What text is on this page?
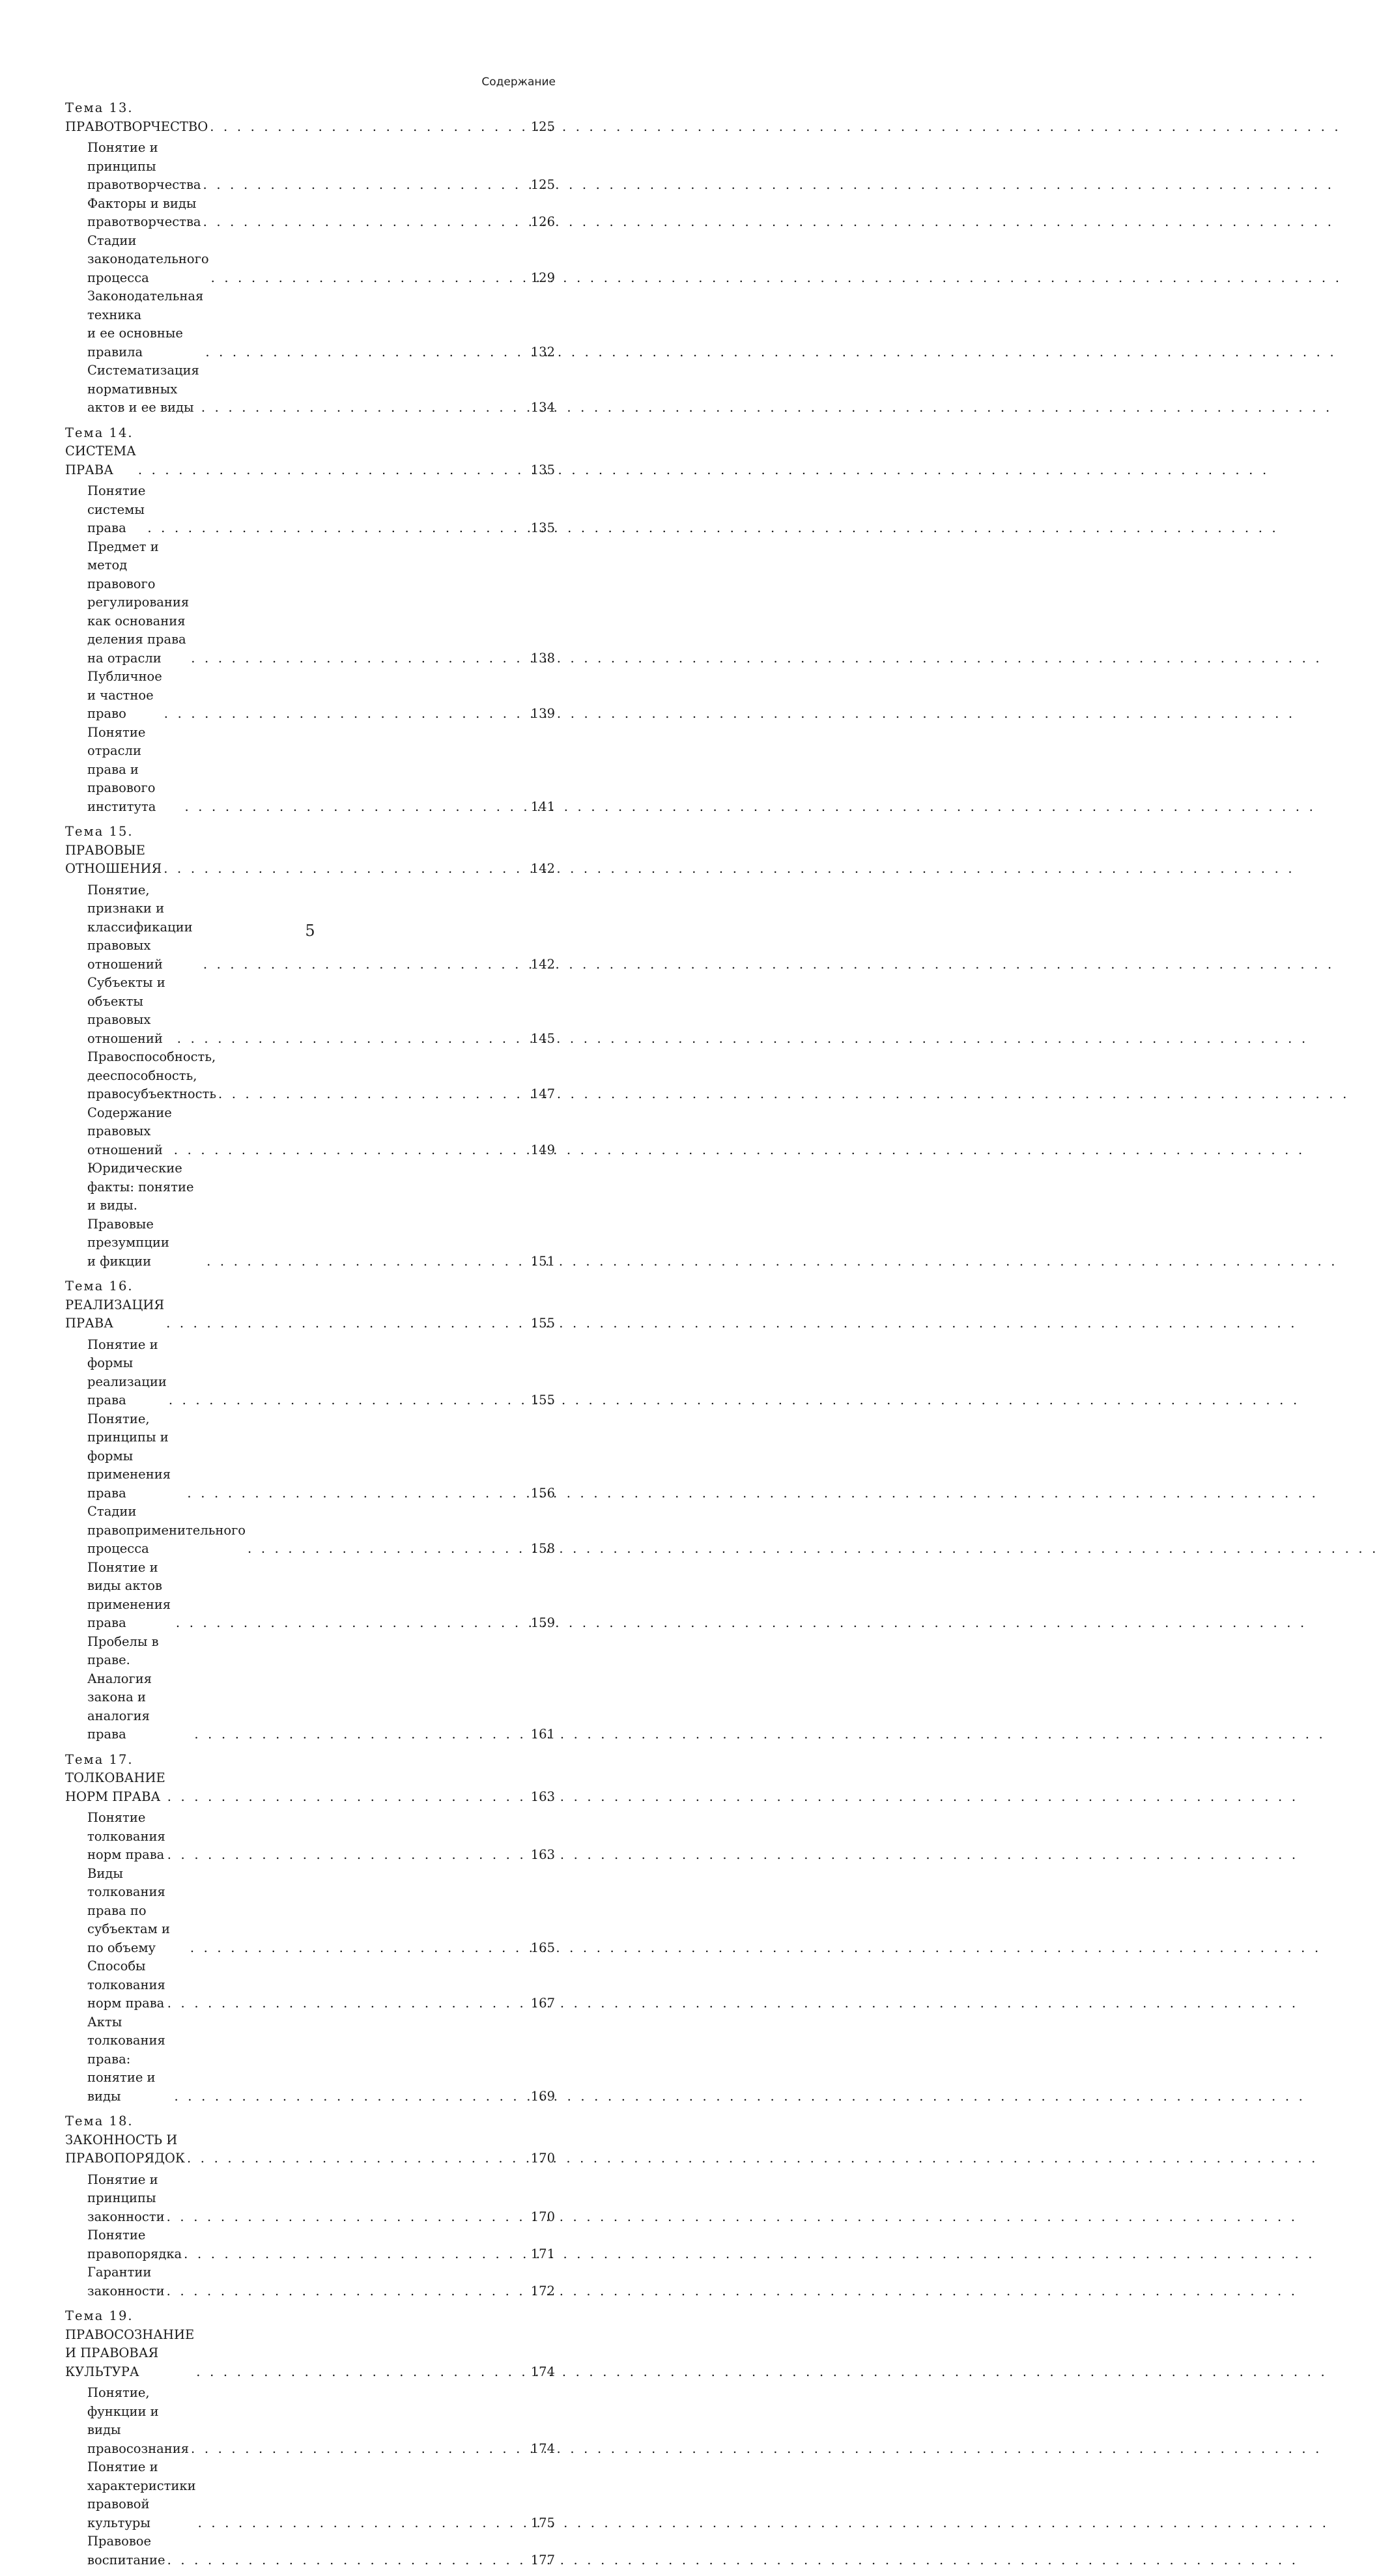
Содержание
Тема 13. ПРАВОТВОРЧЕСТВО . . .	125
Понятие и принципы правотворчества . . .	125
Факторы и виды правотворчества . . .	126
Стадии законодательного процесса . . .	129
Законодательная техника
и ее основные правила . . .	132
Систематизация нормативных актов и ее виды . . .	134
Тема 14. СИСТЕМА ПРАВА . . .	135
Понятие системы права . . .	135
Предмет и метод правового регулирования
как основания деления права на отрасли . . .	138
Публичное и частное право . . .	139
Понятие отрасли права и правового института . . .	141
Тема 15. ПРАВОВЫЕ ОТНОШЕНИЯ . . .	142
Понятие, признаки и классификации правовых отношений . . .	142
Субъекты и объекты правовых отношений . . .	145
Правоспособность, дееспособность, правосубъектность . . .	147
Содержание правовых отношений . . .	149
Юридические факты: понятие и виды. Правовые презумпции
и фикции . . .	151
Тема 16. РЕАЛИЗАЦИЯ ПРАВА . . .	155
Понятие и формы реализации права . . .	155
Понятие, принципы и формы применения права . . .	156
Стадии правоприменительного процесса . . .	158
Понятие и виды актов применения права . . .	159
Пробелы в праве. Аналогия закона и аналогия права . . .	161
Тема 17. ТОЛКОВАНИЕ НОРМ ПРАВА . . .	163
Понятие толкования норм права . . .	163
Виды толкования права по субъектам и по объему . . .	165
Способы толкования норм права . . .	167
Акты толкования права: понятие и виды . . .	169
Тема 18. ЗАКОННОСТЬ И ПРАВОПОРЯДОК . . .	170
Понятие и принципы законности . . .	170
Понятие правопорядка . . .	171
Гарантии законности . . .	172
Тема 19. ПРАВОСОЗНАНИЕ И ПРАВОВАЯ КУЛЬТУРА . . .	174
Понятие, функции и виды правосознания . . .	174
Понятие и характеристики правовой культуры . . .	175
Правовое воспитание . . .	177
5
